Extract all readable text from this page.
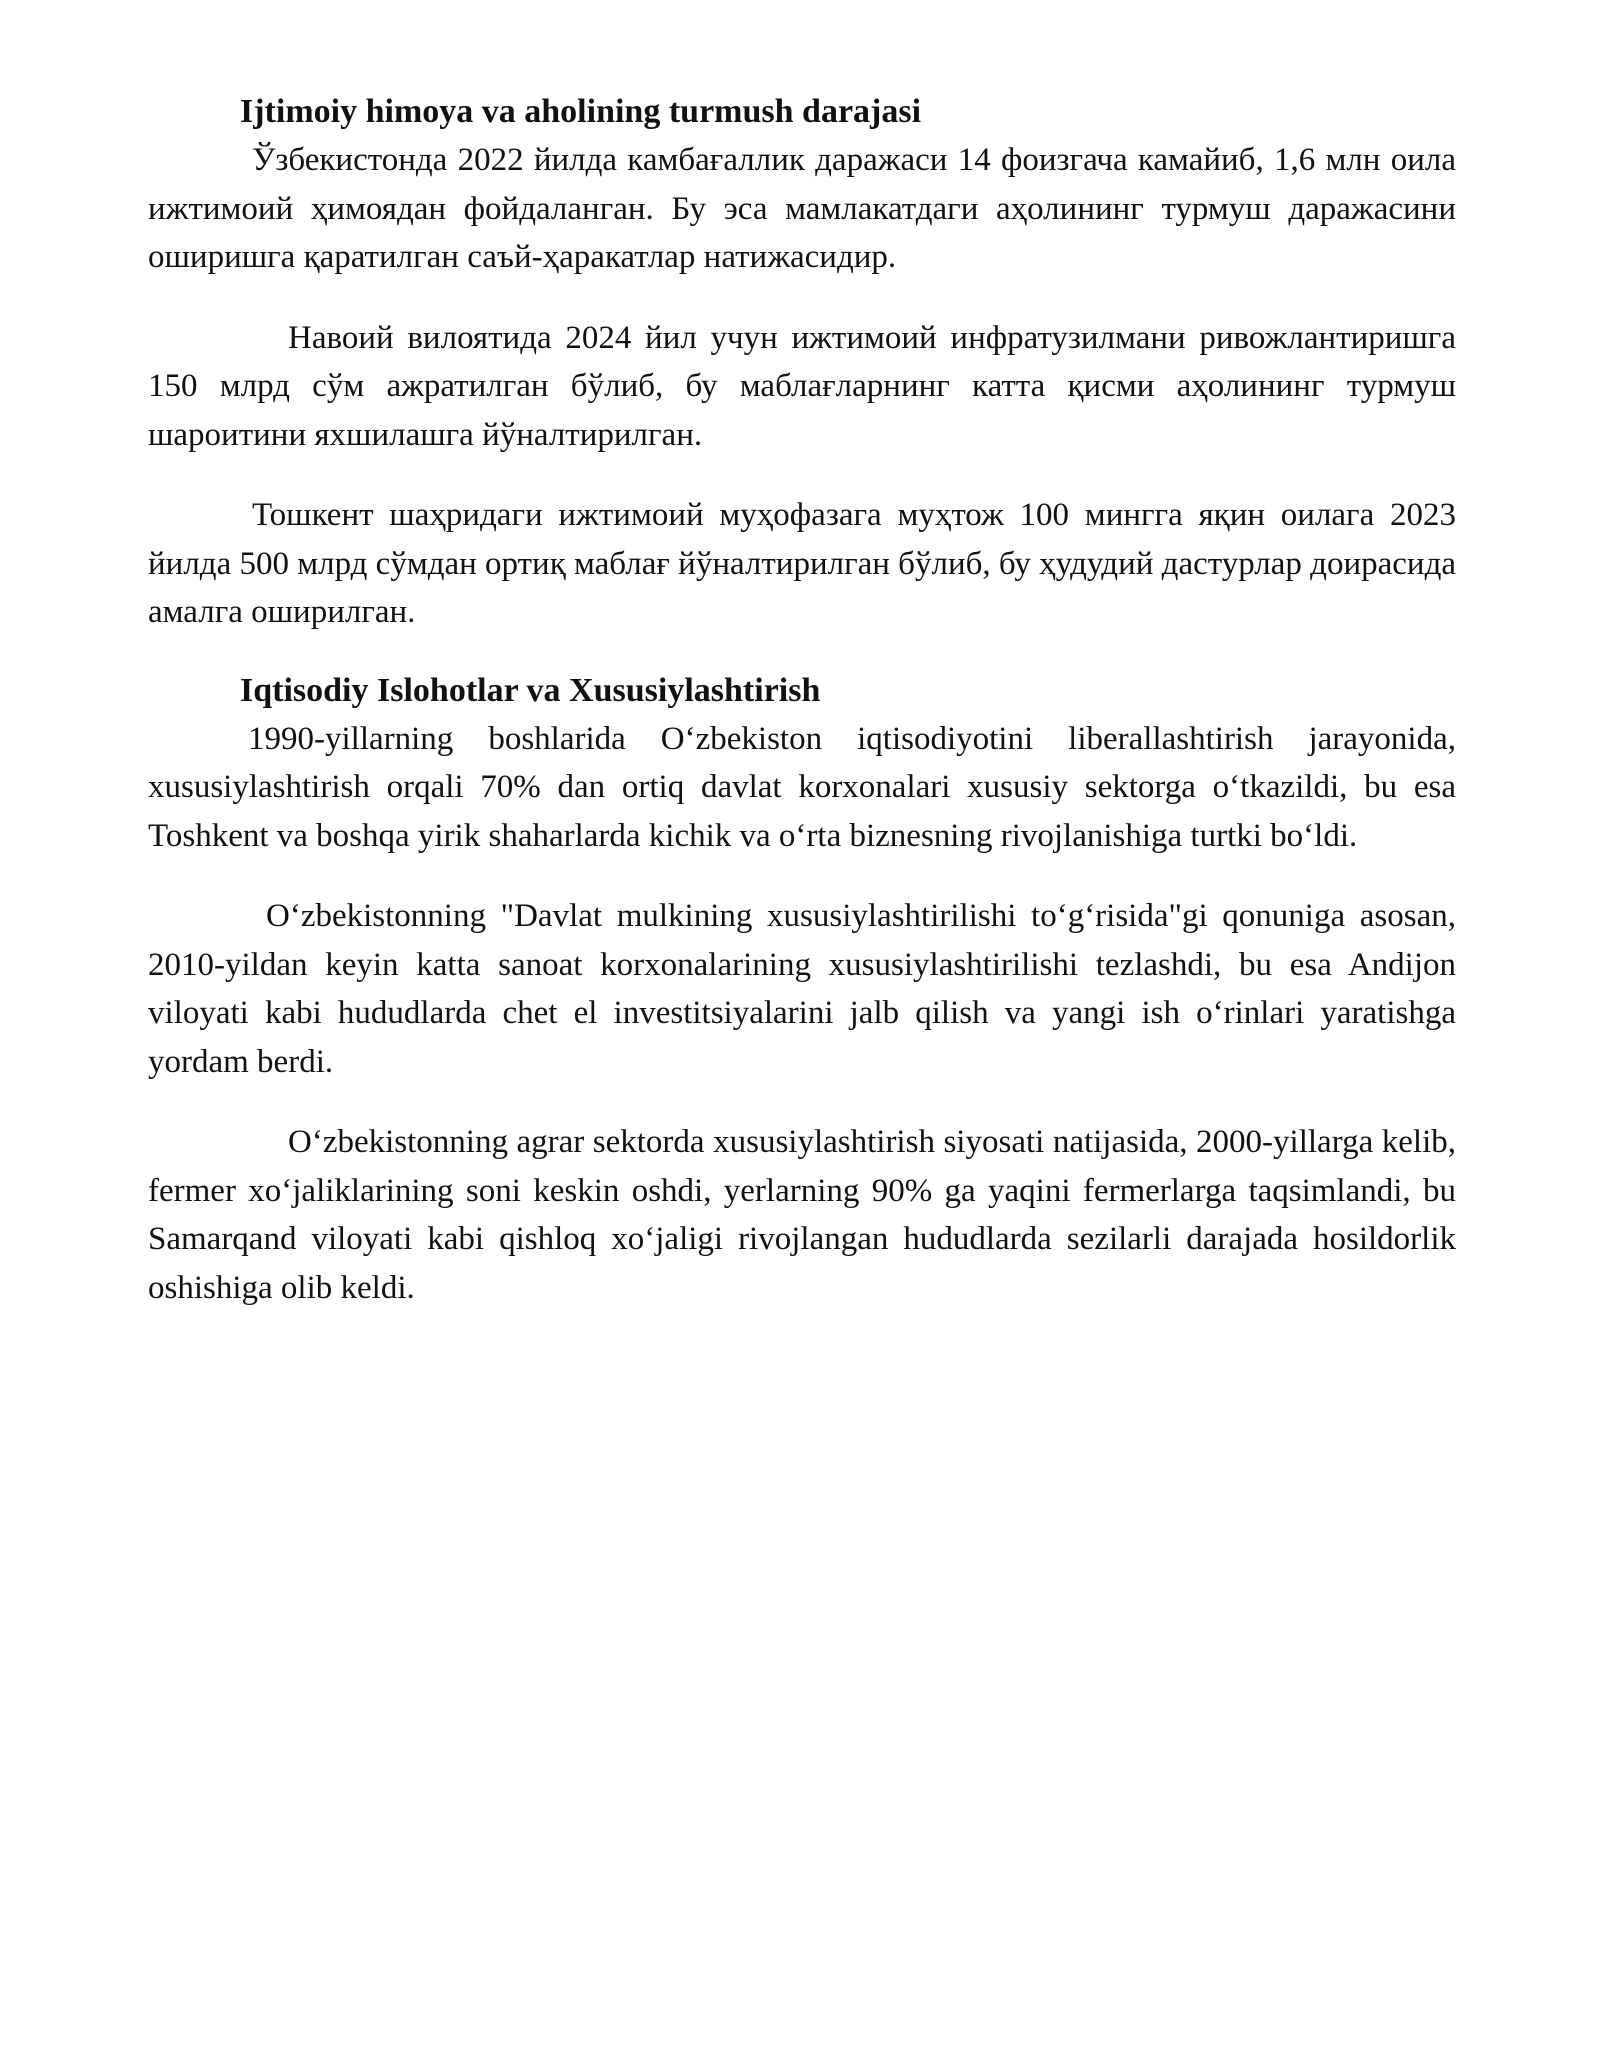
Ijtimoiy himoya va aholining turmush darajasi

Ўзбекистонда 2022 йилда камбағаллик даражаси 14 фоизгача камайиб, 1,6 млн оила ижтимоий ҳимоядан фойдаланган. Бу эса мамлакатдаги аҳолининг турмуш даражасини оширишга қаратилган саъй-ҳаракатлар натижасидир.

Навоий вилоятида 2024 йил учун ижтимоий инфратузилмани ривожлантиришга 150 млрд сўм ажратилган бўлиб, бу маблағларнинг катта қисми аҳолининг турмуш шароитини яхшилашга йўналтирилган.

Тошкент шаҳридаги ижтимоий муҳофазага муҳтож 100 мингга яқин оилага 2023 йилда 500 млрд сўмдан ортиқ маблағ йўналтирилган бўлиб, бу ҳудудий дастурлар доирасида амалга оширилган.

Iqtisodiy Islohotlar va Xususiylashtirish

1990-yillarning boshlarida O‘zbekiston iqtisodiyotini liberallashtirish jarayonida, xususiylashtirish orqali 70% dan ortiq davlat korxonalari xususiy sektorga o‘tkazildi, bu esa Toshkent va boshqa yirik shaharlarda kichik va o‘rta biznesning rivojlanishiga turtki bo‘ldi.

O‘zbekistonning "Davlat mulkining xususiylashtirilishi to‘g‘risida"gi qonuniga asosan, 2010-yildan keyin katta sanoat korxonalarining xususiylashtirilishi tezlashdi, bu esa Andijon viloyati kabi hududlarda chet el investitsiyalarini jalb qilish va yangi ish o‘rinlari yaratishga yordam berdi.

O‘zbekistonning agrar sektorda xususiylashtirish siyosati natijasida, 2000-yillarga kelib, fermer xo‘jaliklarining soni keskin oshdi, yerlarning 90% ga yaqini fermerlarga taqsimlandi, bu Samarqand viloyati kabi qishloq xo‘jaligi rivojlangan hududlarda sezilarli darajada hosildorlik oshishiga olib keldi.
